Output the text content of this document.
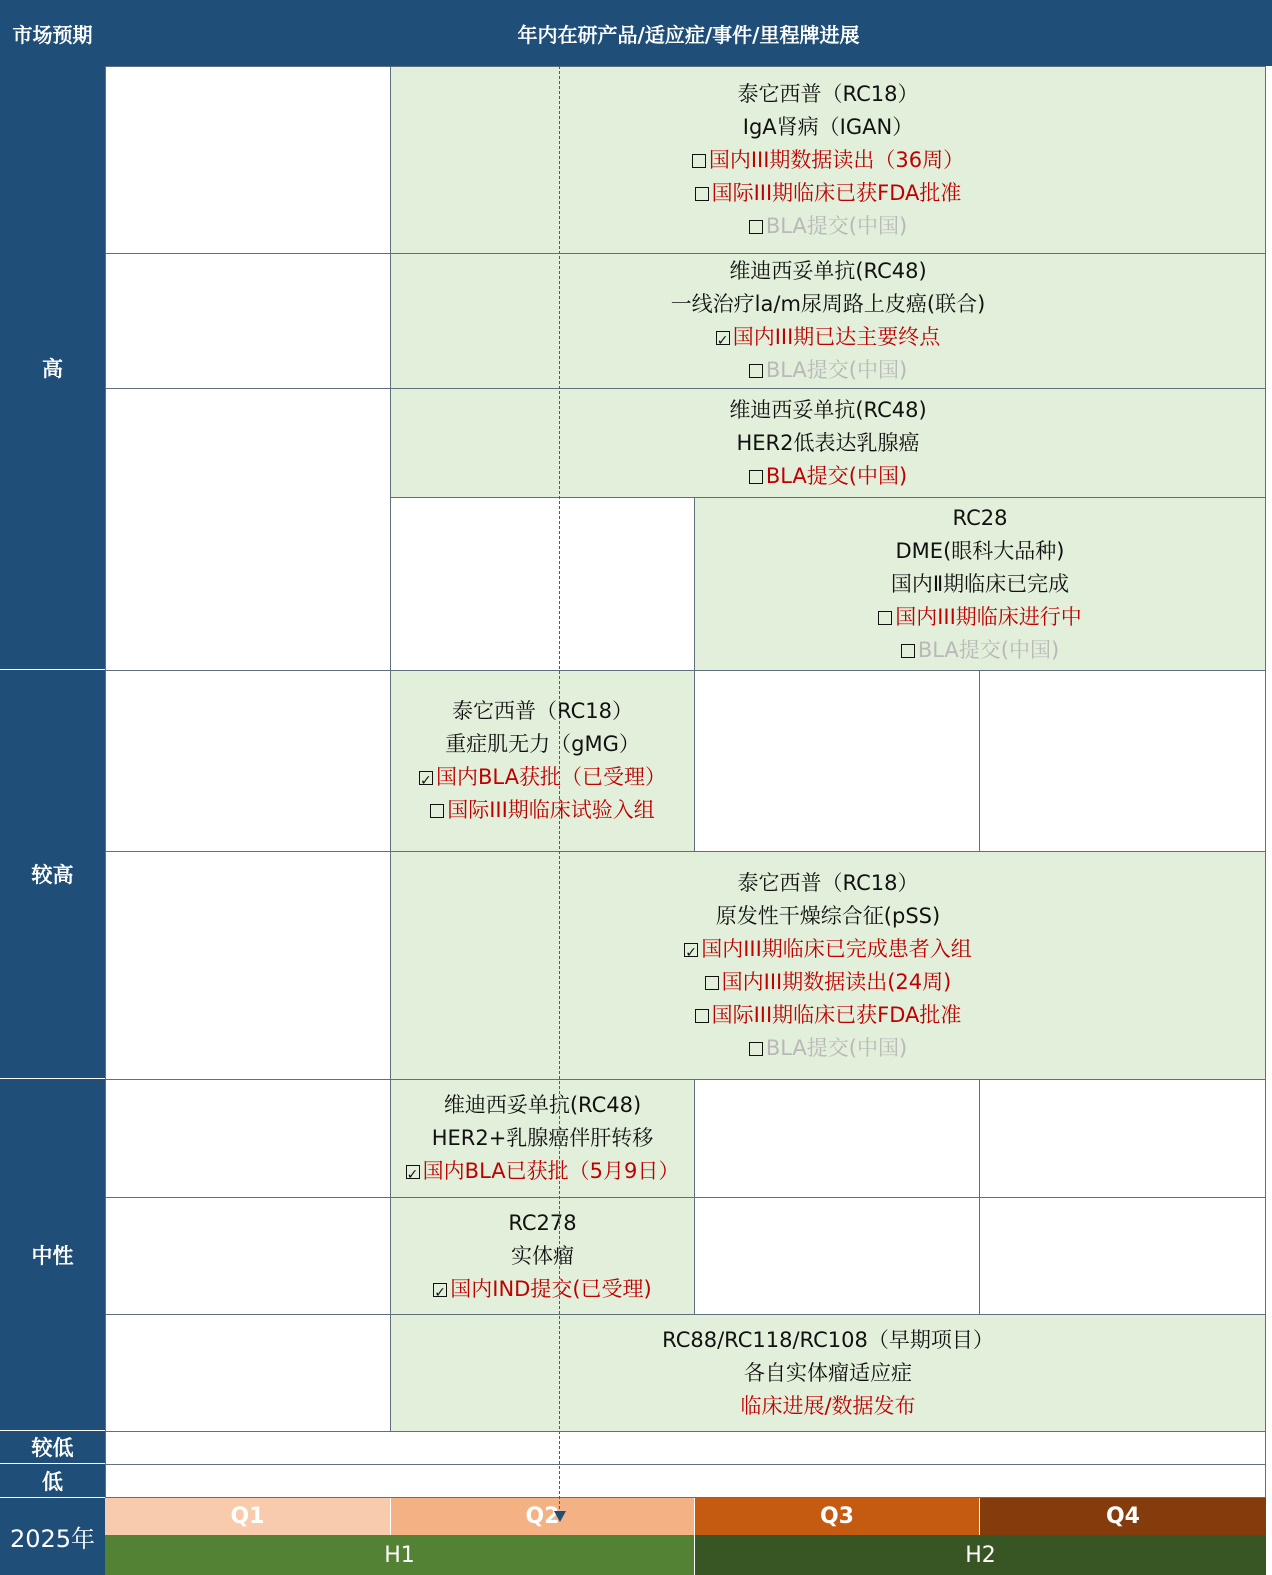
市场预期	年内在研产品/适应症/事件/里程牌进展
高
较高
中性
较低
低
2025年
泰它西普（RC18）
IgA肾病（IGAN）
国内III期数据读出（36周）
国际III期临床已获FDA批准
BLA提交(中国)
维迪西妥单抗(RC48)
一线治疗la/m尿周路上皮癌(联合)
✓国内III期已达主要终点
BLA提交(中国)
维迪西妥单抗(RC48)
HER2低表达乳腺癌
BLA提交(中国)
RC28
DME(眼科大品种)
国内Ⅱ期临床已完成
国内III期临床进行中
BLA提交(中国)
泰它西普（RC18）
重症肌无力（gMG）
✓国内BLA获批（已受理）
国际III期临床试验入组
泰它西普（RC18）
原发性干燥综合征(pSS)
✓国内III期临床已完成患者入组
国内III期数据读出(24周)
国际III期临床已获FDA批准
BLA提交(中国)
维迪西妥单抗(RC48)
HER2+乳腺癌伴肝转移
✓国内BLA已获批（5月9日）
RC278
实体瘤
✓国内IND提交(已受理)
RC88/RC118/RC108（早期项目）
各自实体瘤适应症
临床进展/数据发布
Q1	Q2	Q3	Q4
H1	H2
